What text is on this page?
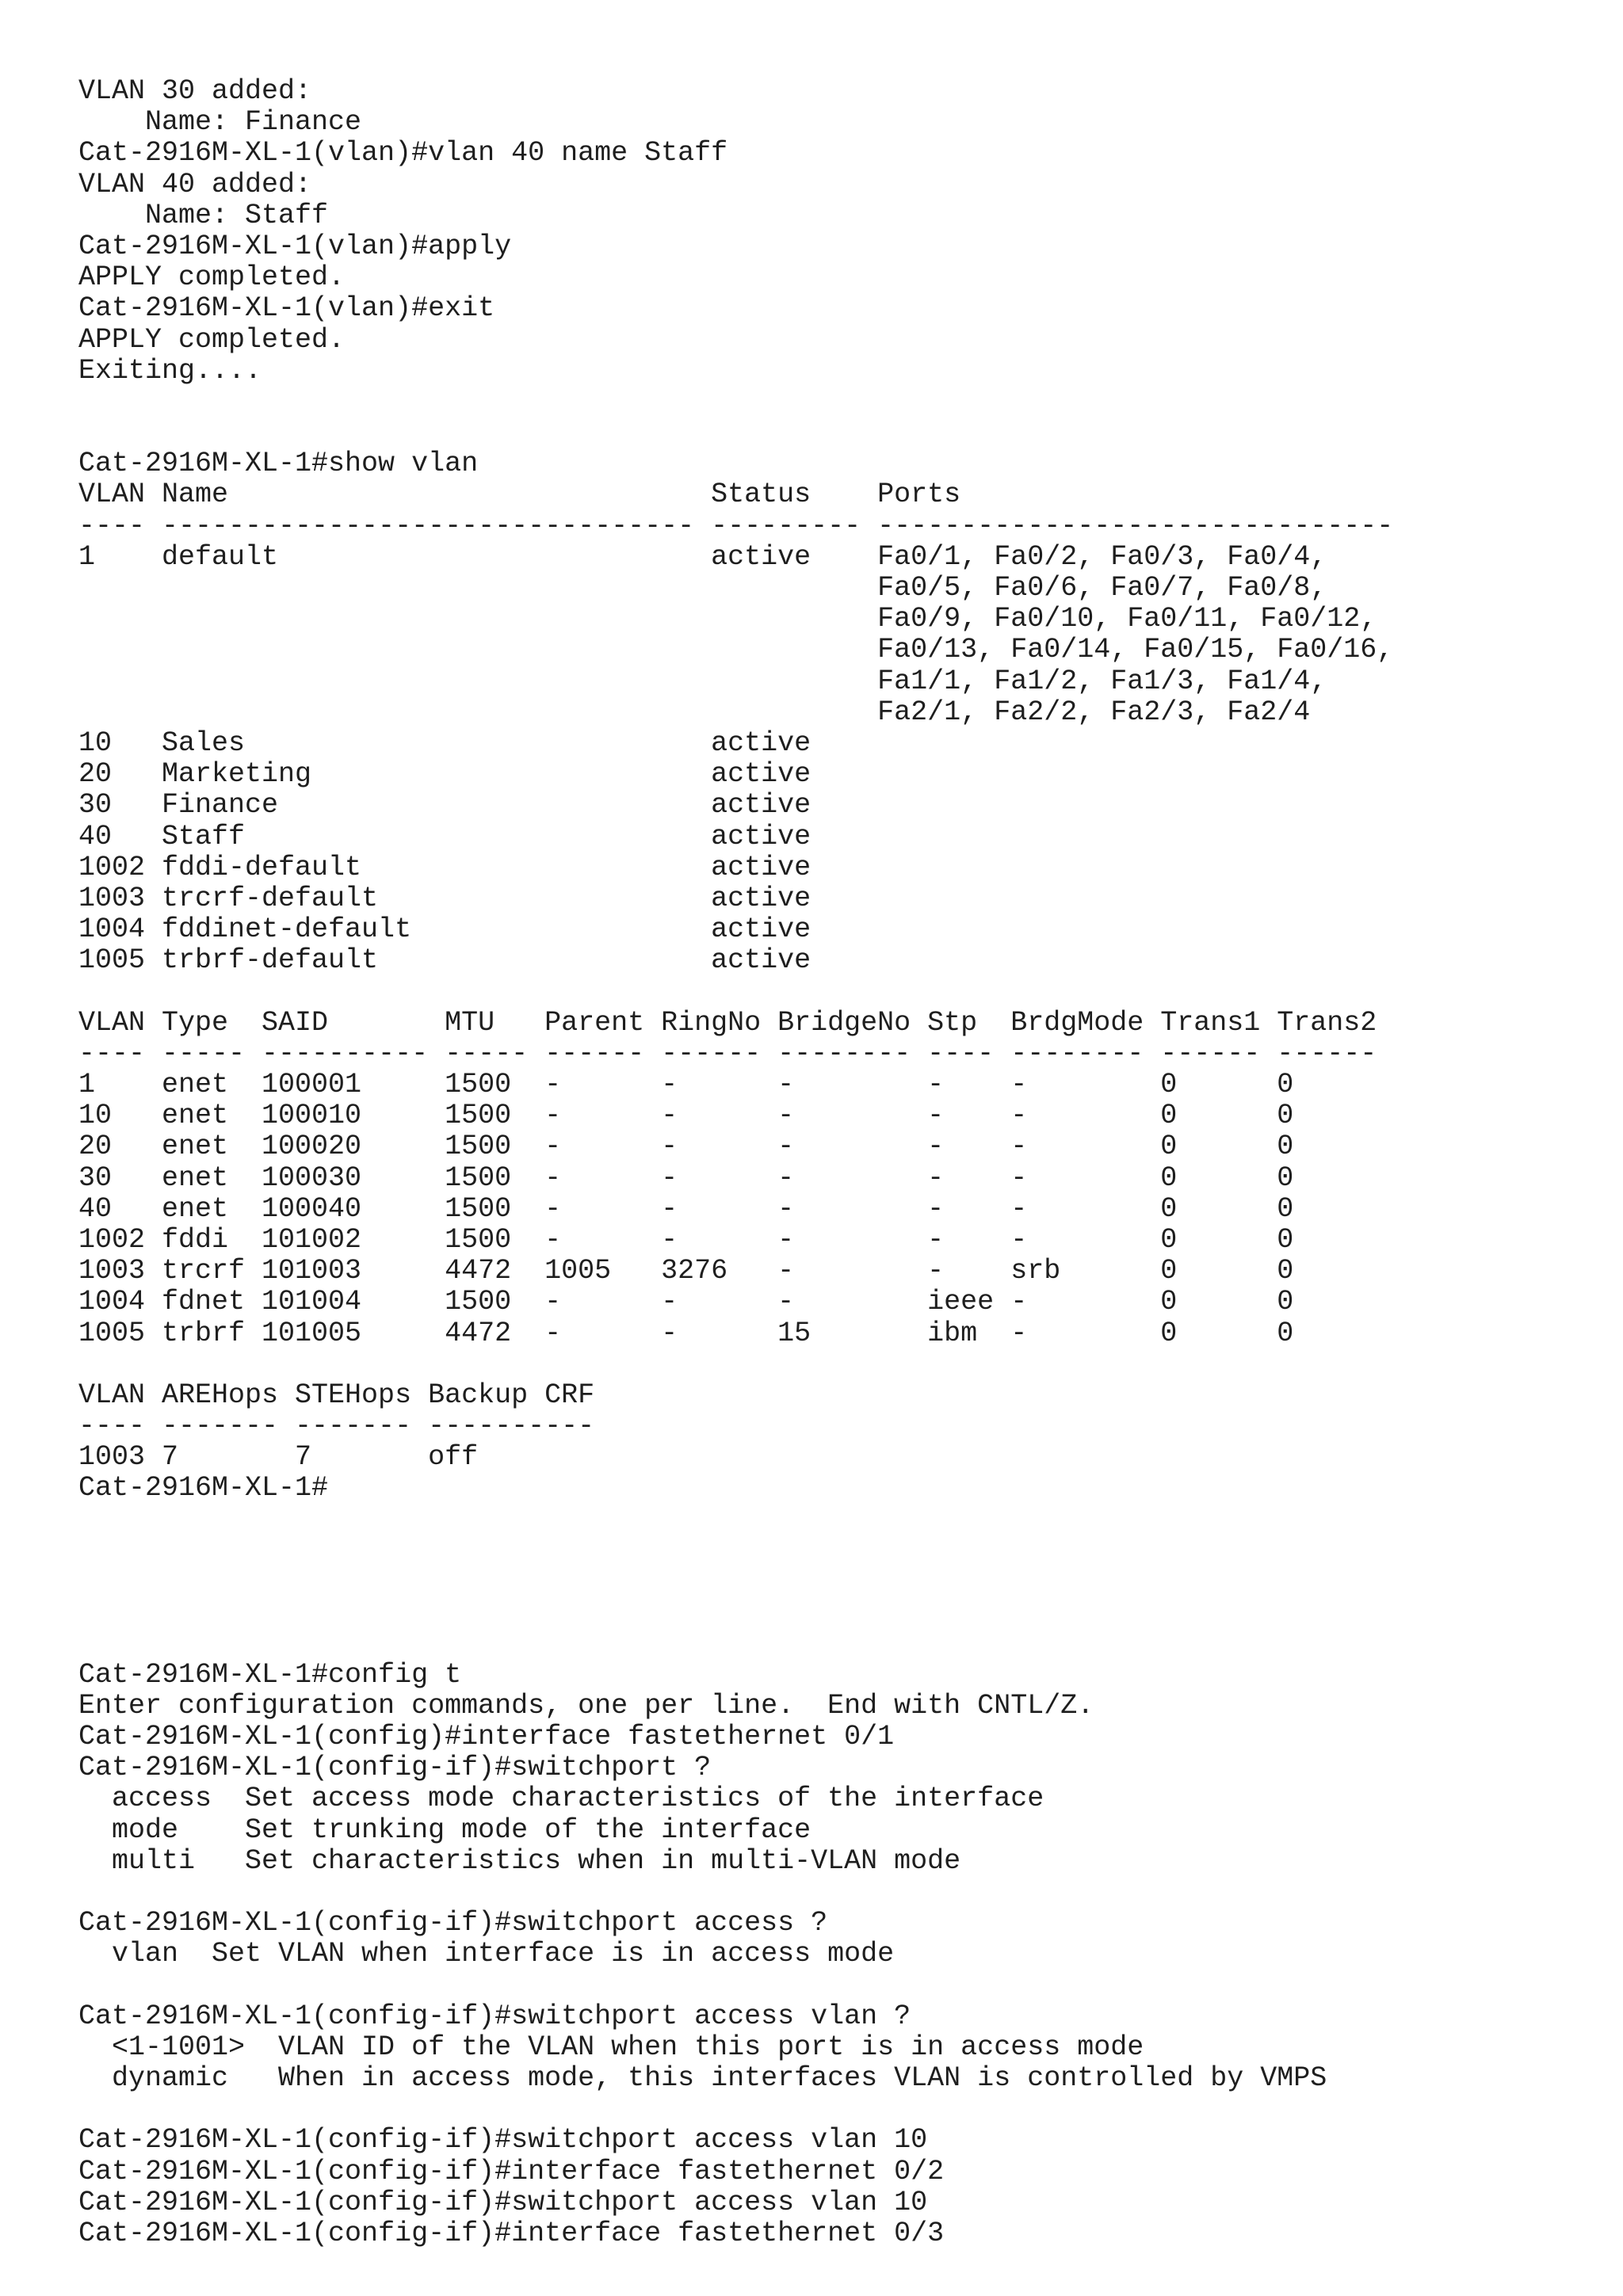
VLAN 30 added:
Name: Finance
Cat-2916M-XL-1(vlan)#vlan 40 name Staff
VLAN 40 added:
Name: Staff
Cat-2916M-XL-1(vlan)#apply
APPLY completed.
Cat-2916M-XL-1(vlan)#exit
APPLY completed.
Exiting....
Cat-2916M-XL-1#show vlan
VLAN Name                             Status    Ports
---- -------------------------------- --------- -------------------------------
1    default                          active    Fa0/1, Fa0/2, Fa0/3, Fa0/4,
Fa0/5, Fa0/6, Fa0/7, Fa0/8,
Fa0/9, Fa0/10, Fa0/11, Fa0/12,
Fa0/13, Fa0/14, Fa0/15, Fa0/16,
Fa1/1, Fa1/2, Fa1/3, Fa1/4,
Fa2/1, Fa2/2, Fa2/3, Fa2/4
10   Sales                            active
20   Marketing                        active
30   Finance                          active
40   Staff                            active
1002 fddi-default                     active
1003 trcrf-default                    active
1004 fddinet-default                  active
1005 trbrf-default                    active
VLAN Type  SAID       MTU   Parent RingNo BridgeNo Stp  BrdgMode Trans1 Trans2
---- ----- ---------- ----- ------ ------ -------- ---- -------- ------ ------
1    enet  100001     1500  -      -      -        -    -        0      0
10   enet  100010     1500  -      -      -        -    -        0      0
20   enet  100020     1500  -      -      -        -    -        0      0
30   enet  100030     1500  -      -      -        -    -        0      0
40   enet  100040     1500  -      -      -        -    -        0      0
1002 fddi  101002     1500  -      -      -        -    -        0      0
1003 trcrf 101003     4472  1005   3276   -        -    srb      0      0
1004 fdnet 101004     1500  -      -      -        ieee -        0      0
1005 trbrf 101005     4472  -      -      15       ibm  -        0      0
VLAN AREHops STEHops Backup CRF
---- ------- ------- ----------
1003 7       7       off
Cat-2916M-XL-1#
Cat-2916M-XL-1#config t
Enter configuration commands, one per line.  End with CNTL/Z.
Cat-2916M-XL-1(config)#interface fastethernet 0/1
Cat-2916M-XL-1(config-if)#switchport ?
access  Set access mode characteristics of the interface
mode    Set trunking mode of the interface
multi   Set characteristics when in multi-VLAN mode
Cat-2916M-XL-1(config-if)#switchport access ?
vlan  Set VLAN when interface is in access mode
Cat-2916M-XL-1(config-if)#switchport access vlan ?
<1-1001>  VLAN ID of the VLAN when this port is in access mode
dynamic   When in access mode, this interfaces VLAN is controlled by VMPS
Cat-2916M-XL-1(config-if)#switchport access vlan 10
Cat-2916M-XL-1(config-if)#interface fastethernet 0/2
Cat-2916M-XL-1(config-if)#switchport access vlan 10
Cat-2916M-XL-1(config-if)#interface fastethernet 0/3
